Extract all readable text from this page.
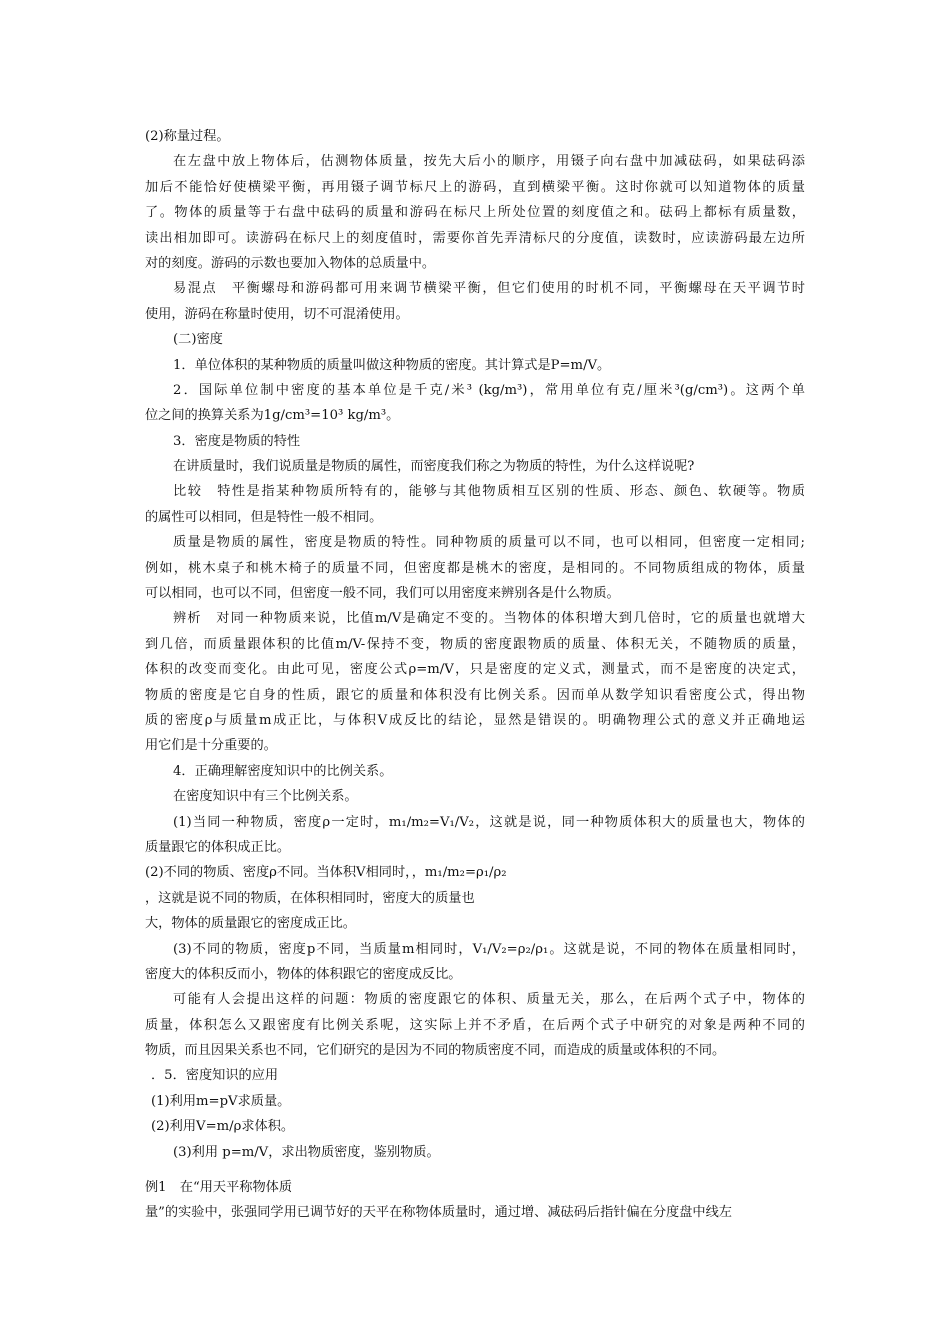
(2)称量过程。
在左盘中放上物体后，估测物体质量，按先大后小的顺序，用镊子向右盘中加减砝码，如果砝码添
加后不能恰好使横梁平衡，再用镊子调节标尺上的游码，直到横梁平衡。这时你就可以知道物体的质量
了。物体的质量等于右盘中砝码的质量和游码在标尺上所处位置的刻度值之和。砝码上都标有质量数，
读出相加即可。读游码在标尺上的刻度值时，需要你首先弄清标尺的分度值，读数时，应读游码最左边所
对的刻度。游码的示数也要加入物体的总质量中。
易混点　平衡螺母和游码都可用来调节横梁平衡，但它们使用的时机不同，平衡螺母在天平调节时
使用，游码在称量时使用，切不可混淆使用。
(二)密度
1．单位体积的某种物质的质量叫做这种物质的密度。其计算式是P=m/V。
2．国际单位制中密度的基本单位是千克/米³ (kg/m³)，常用单位有克/厘米³(g/cm³)。这两个单
位之间的换算关系为1g/cm³=10³ kg/m³。
3．密度是物质的特性
在讲质量时，我们说质量是物质的属性，而密度我们称之为物质的特性，为什么这样说呢?
比较　特性是指某种物质所特有的，能够与其他物质相互区别的性质、形态、颜色、软硬等。物质
的属性可以相同，但是特性一般不相同。
质量是物质的属性，密度是物质的特性。同种物质的质量可以不同，也可以相同，但密度一定相同;
例如，桃木桌子和桃木椅子的质量不同，但密度都是桃木的密度，是相同的。不同物质组成的物体，质量
可以相同，也可以不同，但密度一般不同，我们可以用密度来辨别各是什么物质。
辨析　对同一种物质来说，比值m/V是确定不变的。当物体的体积增大到几倍时，它的质量也就增大
到几倍，而质量跟体积的比值m/V-保持不变，物质的密度跟物质的质量、体积无关，不随物质的质量，
体积的改变而变化。由此可见，密度公式ρ=m/V，只是密度的定义式，测量式，而不是密度的决定式，
物质的密度是它自身的性质，跟它的质量和体积没有比例关系。因而单从数学知识看密度公式，得出物
质的密度ρ与质量m成正比，与体积V成反比的结论，显然是错误的。明确物理公式的意义并正确地运
用它们是十分重要的。
4．正确理解密度知识中的比例关系。
在密度知识中有三个比例关系。
(1)当同一种物质，密度ρ一定时，m₁/m₂=V₁/V₂，这就是说，同一种物质体积大的质量也大，物体的
质量跟它的体积成正比。
(2)不同的物质、密度ρ不同。当体积V相同时，，m₁/m₂=ρ₁/ρ₂
，这就是说不同的物质，在体积相同时，密度大的质量也
大，物体的质量跟它的密度成正比。
(3)不同的物质，密度p不同，当质量m相同时，V₁/V₂=ρ₂/ρ₁。这就是说，不同的物体在质量相同时，
密度大的体积反而小，物体的体积跟它的密度成反比。
可能有人会提出这样的问题：物质的密度跟它的体积、质量无关，那么，在后两个式子中，物体的
质量，体积怎么又跟密度有比例关系呢，这实际上并不矛盾，在后两个式子中研究的对象是两种不同的
物质，而且因果关系也不同，它们研究的是因为不同的物质密度不同，而造成的质量或体积的不同。
．5．密度知识的应用
(1)利用m=pV求质量。
(2)利用V=m/ρ求体积。
(3)利用 p=m/V，求出物质密度，鉴别物质。
例1　在“用天平称物体质
量”的实验中，张强同学用已调节好的天平在称物体质量时，通过增、减砝码后指针偏在分度盘中线左
